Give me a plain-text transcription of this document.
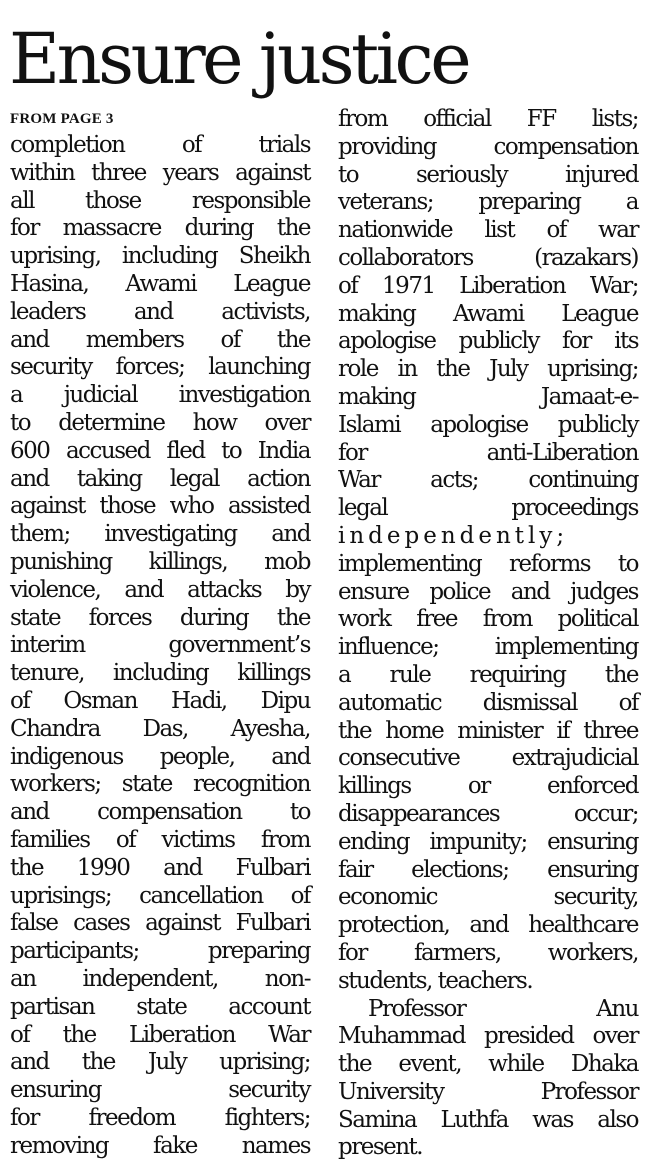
Ensure justice
FROM PAGE 3
completion of trials
within three years against
all those responsible
for massacre during the
uprising, including Sheikh
Hasina, Awami League
leaders and activists,
and members of the
security forces; launching
a judicial investigation
to determine how over
600 accused fled to India
and taking legal action
against those who assisted
them; investigating and
punishing killings, mob
violence, and attacks by
state forces during the
interim government’s
tenure, including killings
of Osman Hadi, Dipu
Chandra Das, Ayesha,
indigenous people, and
workers; state recognition
and compensation to
families of victims from
the 1990 and Fulbari
uprisings; cancellation of
false cases against Fulbari
participants; preparing
an independent, non-
partisan state account
of the Liberation War
and the July uprising;
ensuring security
for freedom fighters;
removing fake names
from official FF lists;
providing compensation
to seriously injured
veterans; preparing a
nationwide list of war
collaborators (razakars)
of 1971 Liberation War;
making Awami League
apologise publicly for its
role in the July uprising;
making Jamaat-e-
Islami apologise publicly
for anti-Liberation
War acts; continuing
legal proceedings
independently;
implementing reforms to
ensure police and judges
work free from political
influence; implementing
a rule requiring the
automatic dismissal of
the home minister if three
consecutive extrajudicial
killings or enforced
disappearances occur;
ending impunity; ensuring
fair elections; ensuring
economic security,
protection, and healthcare
for farmers, workers,
students, teachers.
Professor Anu
Muhammad presided over
the event, while Dhaka
University Professor
Samina Luthfa was also
present.
